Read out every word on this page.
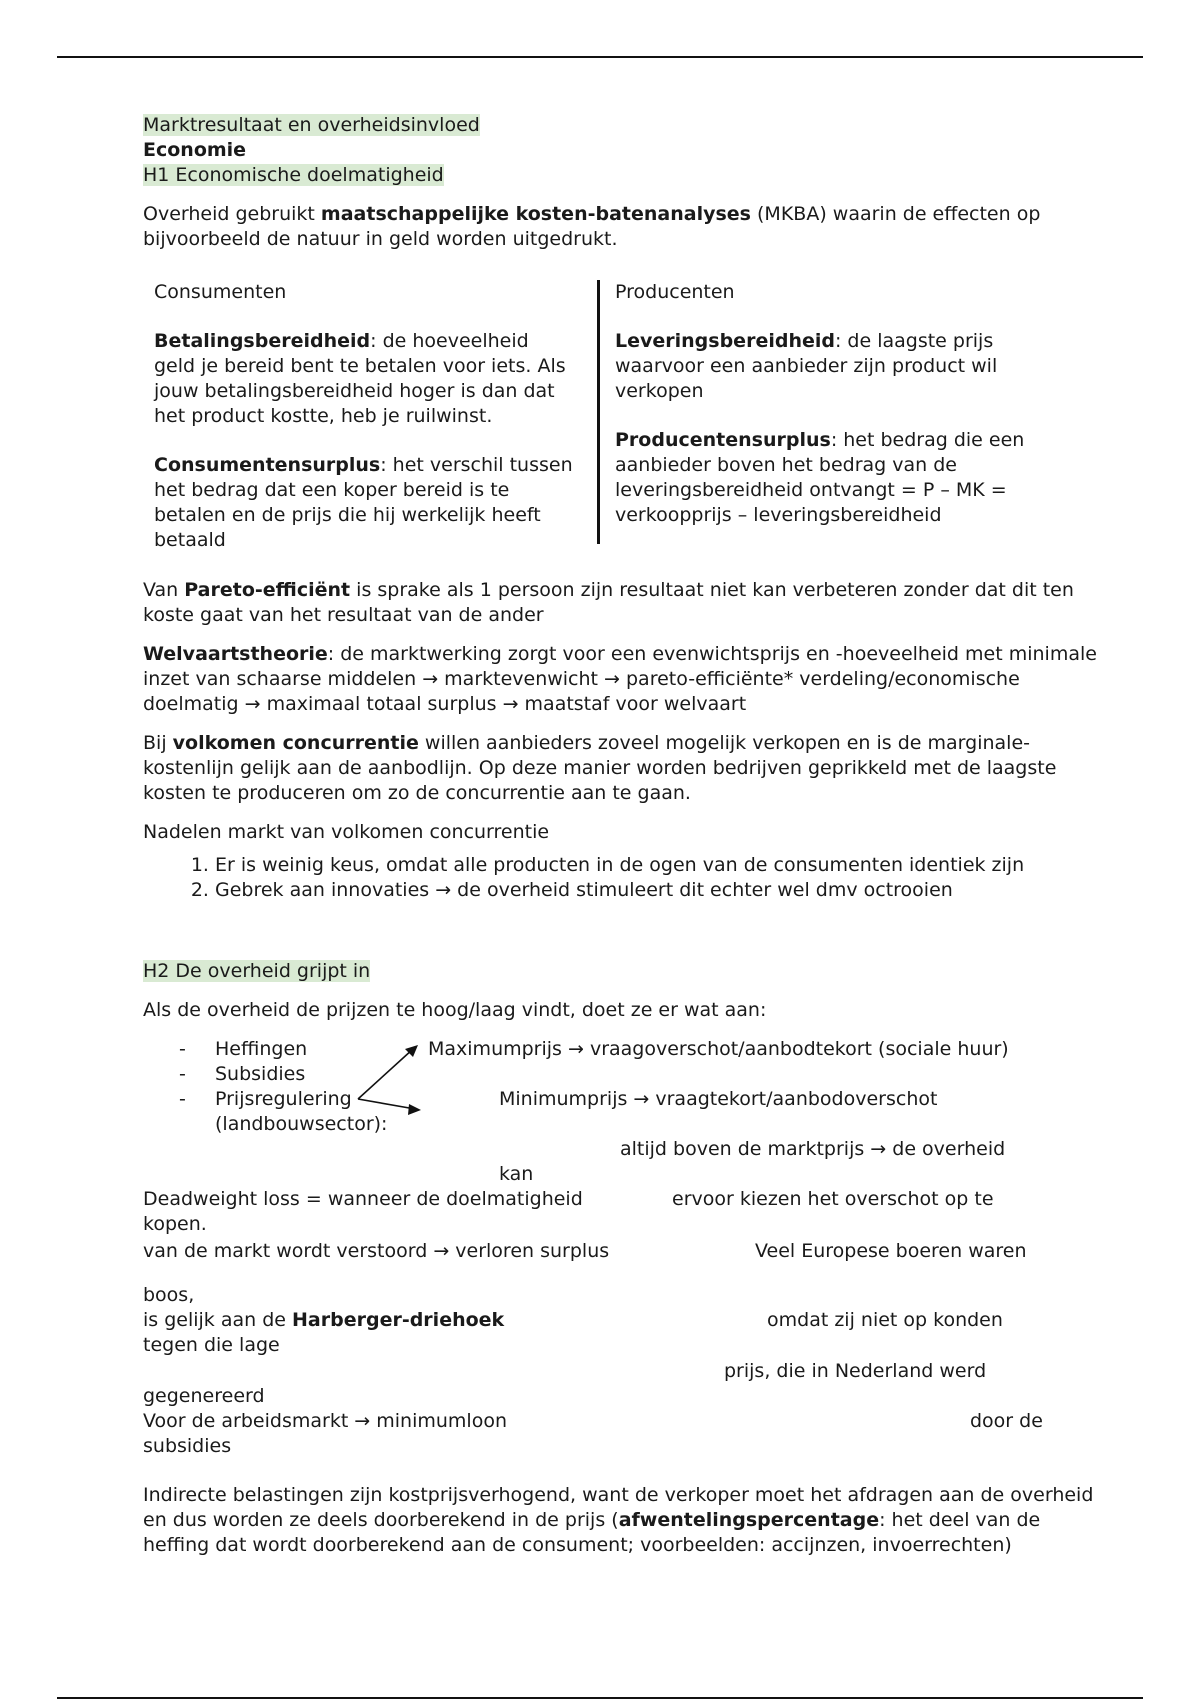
Marktresultaat en overheidsinvloed

Economie

H1 Economische doelmatigheid

Overheid gebruikt maatschappelijke kosten-batenanalyses (MKBA) waarin de effecten op bijvoorbeeld de natuur in geld worden uitgedrukt.

Consumenten

Betalingsbereidheid: de hoeveelheid geld je bereid bent te betalen voor iets. Als jouw betalingsbereidheid hoger is dan dat het product kostte, heb je ruilwinst.

Consumentensurplus: het verschil tussen het bedrag dat een koper bereid is te betalen en de prijs die hij werkelijk heeft betaald

Producenten

Leveringsbereidheid: de laagste prijs waarvoor een aanbieder zijn product wil verkopen

Producentensurplus: het bedrag die een aanbieder boven het bedrag van de leveringsbereidheid ontvangt = P – MK = verkoopprijs – leveringsbereidheid

Van Pareto-efficiënt is sprake als 1 persoon zijn resultaat niet kan verbeteren zonder dat dit ten koste gaat van het resultaat van de ander

Welvaartstheorie: de marktwerking zorgt voor een evenwichtsprijs en -hoeveelheid met minimale inzet van schaarse middelen → marktevenwicht → pareto-efficiënte* verdeling/economische doelmatig → maximaal totaal surplus → maatstaf voor welvaart

Bij volkomen concurrentie willen aanbieders zoveel mogelijk verkopen en is de marginale-kostenlijn gelijk aan de aanbodlijn. Op deze manier worden bedrijven geprikkeld met de laagste kosten te produceren om zo de concurrentie aan te gaan.

Nadelen markt van volkomen concurrentie

1. Er is weinig keus, omdat alle producten in de ogen van de consumenten identiek zijn
2. Gebrek aan innovaties → de overheid stimuleert dit echter wel dmv octrooien

H2 De overheid grijpt in

Als de overheid de prijzen te hoog/laag vindt, doet ze er wat aan:

- Heffingen
- Subsidies
- Prijsregulering
(landbouwsector):
Maximumprijs → vraagoverschot/aanbodtekort (sociale huur)
Minimumprijs → vraagtekort/aanbodoverschot
altijd boven de marktprijs → de overheid
kan
Deadweight loss = wanneer de doelmatigheid	ervoor kiezen het overschot op te
kopen.
van de markt wordt verstoord → verloren surplus	Veel Europese boeren waren
boos,
is gelijk aan de Harberger-driehoek	omdat zij niet op konden
tegen die lage
prijs, die in Nederland werd
gegenereerd
Voor de arbeidsmarkt → minimumloon	door de
subsidies

Indirecte belastingen zijn kostprijsverhogend, want de verkoper moet het afdragen aan de overheid en dus worden ze deels doorberekend in de prijs (afwentelingspercentage: het deel van de heffing dat wordt doorberekend aan de consument; voorbeelden: accijnzen, invoerrechten)
